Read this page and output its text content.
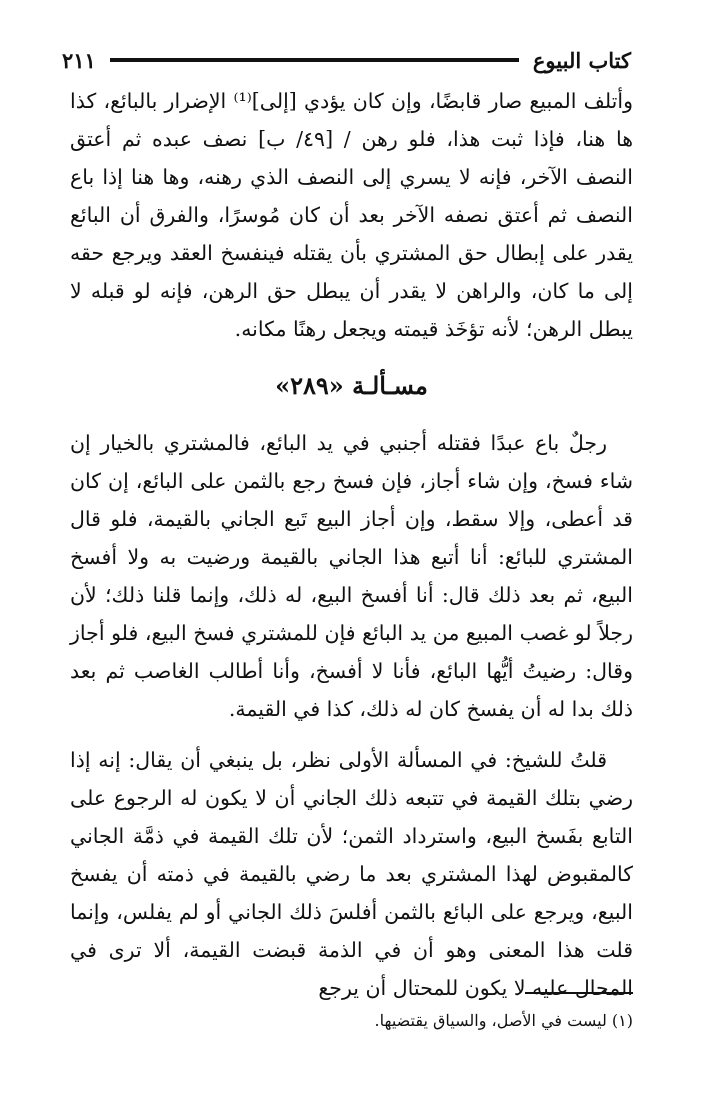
كتاب البيوع
٢١١

وأتلف المبيع صار قابضًا، وإن كان يؤدي [إلى]⁽¹⁾ الإضرار بالبائع، كذا ها هنا، فإذا ثبت هذا، فلو رهن / [٤٩/ ب] نصف عبده ثم أعتق النصف الآخر، فإنه لا يسري إلى النصف الذي رهنه، وها هنا إذا باع النصف ثم أعتق نصفه الآخر بعد أن كان مُوسرًا، والفرق أن البائع يقدر على إبطال حق المشتري بأن يقتله فينفسخ العقد ويرجع حقه إلى ما كان، والراهن لا يقدر أن يبطل حق الرهن، فإنه لو قبله لا يبطل الرهن؛ لأنه تؤخَذ قيمته ويجعل رهنًا مكانه.

مسـألـة «٢٨٩»

رجلٌ باع عبدًا فقتله أجنبي في يد البائع، فالمشتري بالخيار إن شاء فسخ، وإن شاء أجاز، فإن فسخ رجع بالثمن على البائع، إن كان قد أعطى، وإلا سقط، وإن أجاز البيع تَبع الجاني بالقيمة، فلو قال المشتري للبائع: أنا أتبع هذا الجاني بالقيمة ورضيت به ولا أفسخ البيع، ثم بعد ذلك قال: أنا أفسخ البيع، له ذلك، وإنما قلنا ذلك؛ لأن رجلاً لو غصب المبيع من يد البائع فإن للمشتري فسخ البيع، فلو أجاز وقال: رضيتُ أيُّها البائع، فأنا لا أفسخ، وأنا أطالب الغاصب ثم بعد ذلك بدا له أن يفسخ كان له ذلك، كذا في القيمة.

قلتُ للشيخ: في المسألة الأولى نظر، بل ينبغي أن يقال: إنه إذا رضي بتلك القيمة في تتبعه ذلك الجاني أن لا يكون له الرجوع على التابع بفَسخ البيع، واسترداد الثمن؛ لأن تلك القيمة في ذمَّة الجاني كالمقبوض لهذا المشتري بعد ما رضي بالقيمة في ذمته أن يفسخ البيع، ويرجع على البائع بالثمن أفلسَ ذلك الجاني أو لم يفلس، وإنما قلت هذا المعنى وهو أن في الذمة قبضت القيمة، ألا ترى في المحال عليه لا يكون للمحتال أن يرجع

(١) ليست في الأصل، والسياق يقتضيها.
